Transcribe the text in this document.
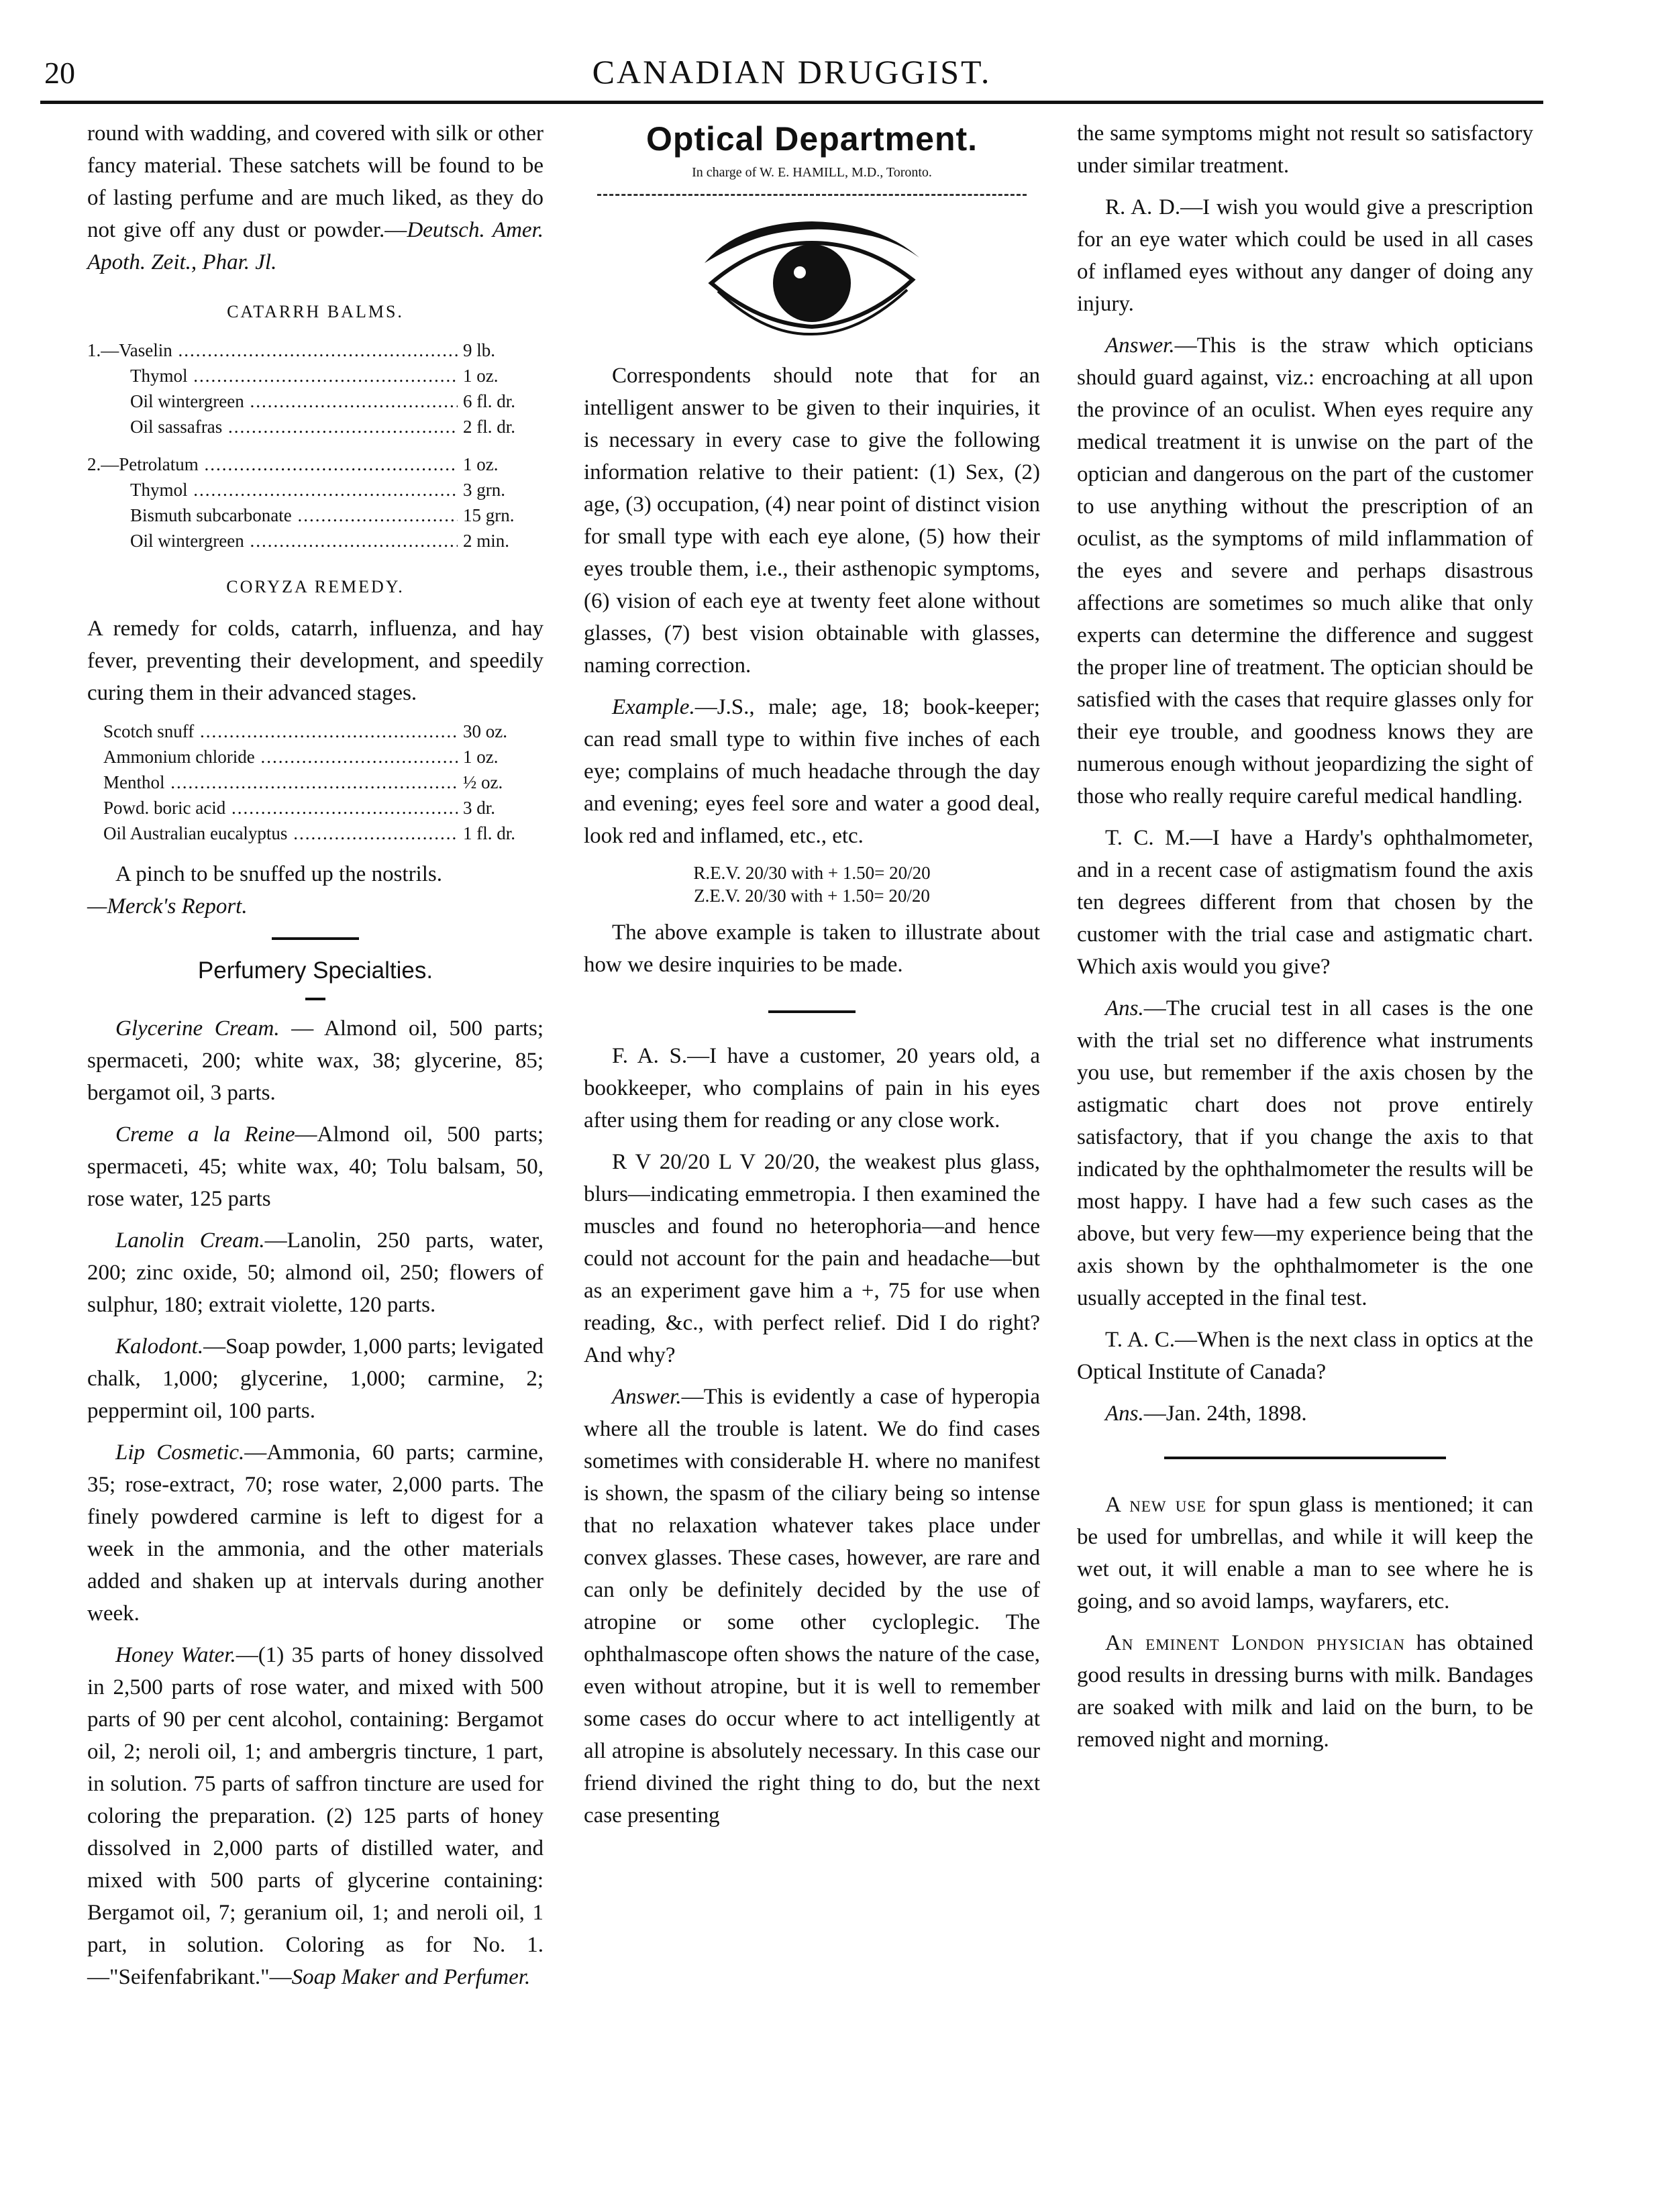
20	CANADIAN DRUGGIST.

round with wadding, and covered with silk or other fancy material. These satchets will be found to be of lasting perfume and are much liked, as they do not give off any dust or powder.—Deutsch. Amer. Apoth. Zeit., Phar. Jl.

CATARRH BALMS.
1.—Vaselin .....	9 lb.
Thymol .....	1 oz.
Oil wintergreen .....	6 fl. dr.
Oil sassafras .....	2 fl. dr.
2.—Petrolatum .....	1 oz.
Thymol .....	3 grn.
Bismuth subcarbonate .....	15 grn.
Oil wintergreen .....	2 min.
CORYZA REMEDY.

A remedy for colds, catarrh, influenza, and hay fever, preventing their development, and speedily curing them in their advanced stages.

Scotch snuff .....	30 oz.
Ammonium chloride .....	1 oz.
Menthol .....	½ oz.
Powd. boric acid .....	3 dr.
Oil Australian eucalyptus .....	1 fl. dr.

A pinch to be snuffed up the nostrils.

—Merck's Report.

Perfumery Specialties.

Glycerine Cream. — Almond oil, 500 parts; spermaceti, 200; white wax, 38; glycerine, 85; bergamot oil, 3 parts.

Creme a la Reine—Almond oil, 500 parts; spermaceti, 45; white wax, 40; Tolu balsam, 50, rose water, 125 parts

Lanolin Cream.—Lanolin, 250 parts, water, 200; zinc oxide, 50; almond oil, 250; flowers of sulphur, 180; extrait violette, 120 parts.

Kalodont.—Soap powder, 1,000 parts; levigated chalk, 1,000; glycerine, 1,000; carmine, 2; peppermint oil, 100 parts.

Lip Cosmetic.—Ammonia, 60 parts; carmine, 35; rose-extract, 70; rose water, 2,000 parts. The finely powdered carmine is left to digest for a week in the ammonia, and the other materials added and shaken up at intervals during another week.

Honey Water.—(1) 35 parts of honey dissolved in 2,500 parts of rose water, and mixed with 500 parts of 90 per cent alcohol, containing: Bergamot oil, 2; neroli oil, 1; and ambergris tincture, 1 part, in solution. 75 parts of saffron tincture are used for coloring the preparation. (2) 125 parts of honey dissolved in 2,000 parts of distilled water, and mixed with 500 parts of glycerine containing: Bergamot oil, 7; geranium oil, 1; and neroli oil, 1 part, in solution. Coloring as for No. 1.—"Seifenfabrikant."—Soap Maker and Perfumer.

Optical Department.
In charge of W. E. HAMILL, M.D., Toronto.

Correspondents should note that for an intelligent answer to be given to their inquiries, it is necessary in every case to give the following information relative to their patient: (1) Sex, (2) age, (3) occupation, (4) near point of distinct vision for small type with each eye alone, (5) how their eyes trouble them, i.e., their asthenopic symptoms, (6) vision of each eye at twenty feet alone without glasses, (7) best vision obtainable with glasses, naming correction.

Example.—J.S., male; age, 18; book-keeper; can read small type to within five inches of each eye; complains of much headache through the day and evening; eyes feel sore and water a good deal, look red and inflamed, etc., etc.

R.E.V. 20/30 with + 1.50= 20/20
Z.E.V. 20/30 with + 1.50= 20/20

The above example is taken to illustrate about how we desire inquiries to be made.

F. A. S.—I have a customer, 20 years old, a bookkeeper, who complains of pain in his eyes after using them for reading or any close work.

R V 20/20 L V 20/20, the weakest plus glass, blurs—indicating emmetropia. I then examined the muscles and found no heterophoria—and hence could not account for the pain and headache—but as an experiment gave him a +, 75 for use when reading, &c., with perfect relief. Did I do right? And why?

Answer.—This is evidently a case of hyperopia where all the trouble is latent. We do find cases sometimes with considerable H. where no manifest is shown, the spasm of the ciliary being so intense that no relaxation whatever takes place under convex glasses. These cases, however, are rare and can only be definitely decided by the use of atropine or some other cycloplegic. The ophthalmascope often shows the nature of the case, even without atropine, but it is well to remember some cases do occur where to act intelligently at all atropine is absolutely necessary. In this case our friend divined the right thing to do, but the next case presenting

the same symptoms might not result so satisfactory under similar treatment.

R. A. D.—I wish you would give a prescription for an eye water which could be used in all cases of inflamed eyes without any danger of doing any injury.

Answer.—This is the straw which opticians should guard against, viz.: encroaching at all upon the province of an oculist. When eyes require any medical treatment it is unwise on the part of the optician and dangerous on the part of the customer to use anything without the prescription of an oculist, as the symptoms of mild inflammation of the eyes and severe and perhaps disastrous affections are sometimes so much alike that only experts can determine the difference and suggest the proper line of treatment. The optician should be satisfied with the cases that require glasses only for their eye trouble, and goodness knows they are numerous enough without jeopardizing the sight of those who really require careful medical handling.

T. C. M.—I have a Hardy's ophthalmometer, and in a recent case of astigmatism found the axis ten degrees different from that chosen by the customer with the trial case and astigmatic chart. Which axis would you give?

Ans.—The crucial test in all cases is the one with the trial set no difference what instruments you use, but remember if the axis chosen by the astigmatic chart does not prove entirely satisfactory, that if you change the axis to that indicated by the ophthalmometer the results will be most happy. I have had a few such cases as the above, but very few—my experience being that the axis shown by the ophthalmometer is the one usually accepted in the final test.

T. A. C.—When is the next class in optics at the Optical Institute of Canada?

Ans.—Jan. 24th, 1898.

A new use for spun glass is mentioned; it can be used for umbrellas, and while it will keep the wet out, it will enable a man to see where he is going, and so avoid lamps, wayfarers, etc.

An eminent London physician has obtained good results in dressing burns with milk. Bandages are soaked with milk and laid on the burn, to be removed night and morning.
